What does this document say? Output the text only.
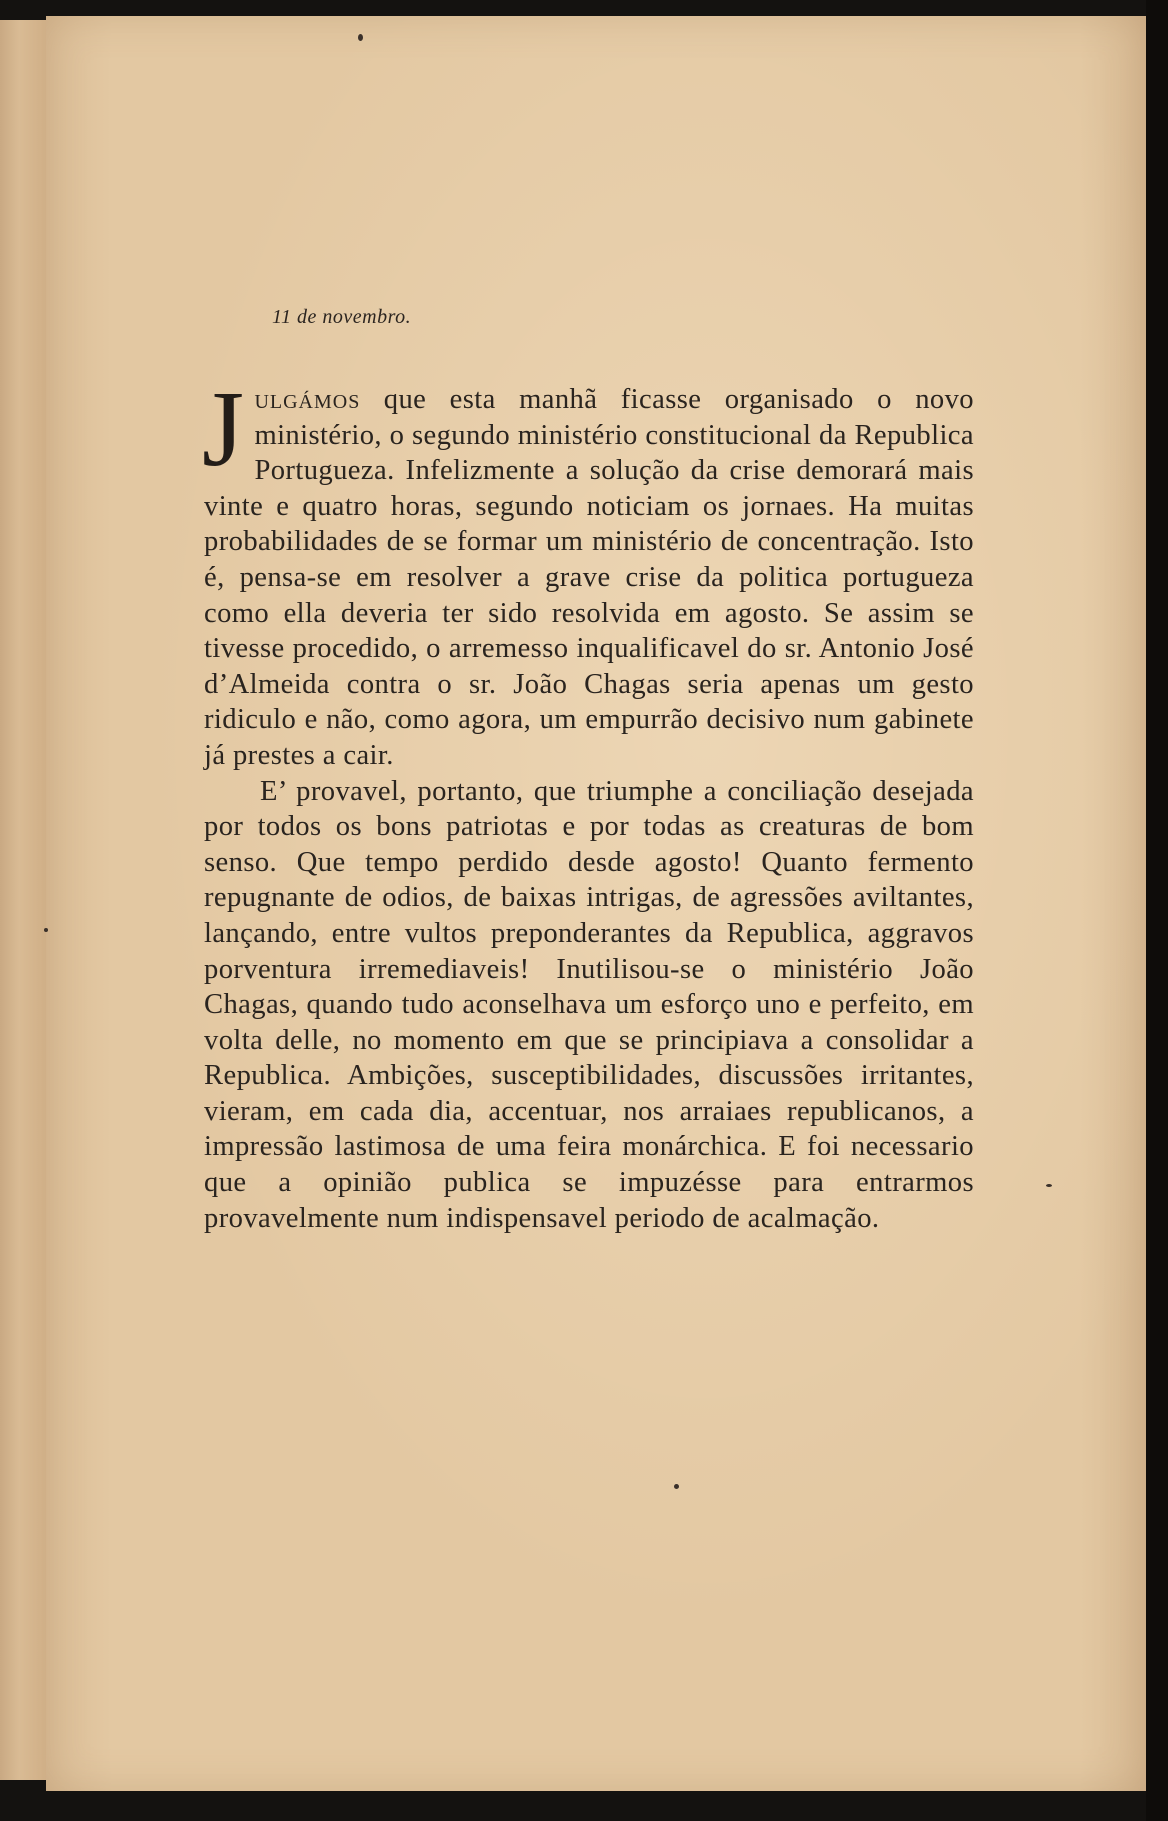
11 de novembro.

Julgámos que esta manhã ficasse organisado o novo ministério, o segundo ministério constitucional da Republica Portugueza. Infelizmente a solução da crise demorará mais vinte e quatro horas, segundo noticiam os jornaes. Ha muitas probabilidades de se formar um ministério de concentração. Isto é, pensa-se em resolver a grave crise da politica portugueza como ella deveria ter sido resolvida em agosto. Se assim se tivesse procedido, o arremesso inqualificavel do sr. Antonio José d’Almeida contra o sr. João Chagas seria apenas um gesto ridiculo e não, como agora, um empurrão decisivo num gabinete já prestes a cair.

E’ provavel, portanto, que triumphe a conciliação desejada por todos os bons patriotas e por todas as creaturas de bom senso. Que tempo perdido desde agosto! Quanto fermento repugnante de odios, de baixas intrigas, de agressões aviltantes, lançando, entre vultos preponderantes da Republica, aggravos porventura irremediaveis! Inutilisou-se o ministério João Chagas, quando tudo aconselhava um esforço uno e perfeito, em volta delle, no momento em que se principiava a consolidar a Republica. Ambições, susceptibilidades, discussões irritantes, vieram, em cada dia, accentuar, nos arraiaes republicanos, a impressão lastimosa de uma feira monárchica. E foi necessario que a opinião publica se impuzésse para entrarmos provavelmente num indispensavel periodo de acalmação.
